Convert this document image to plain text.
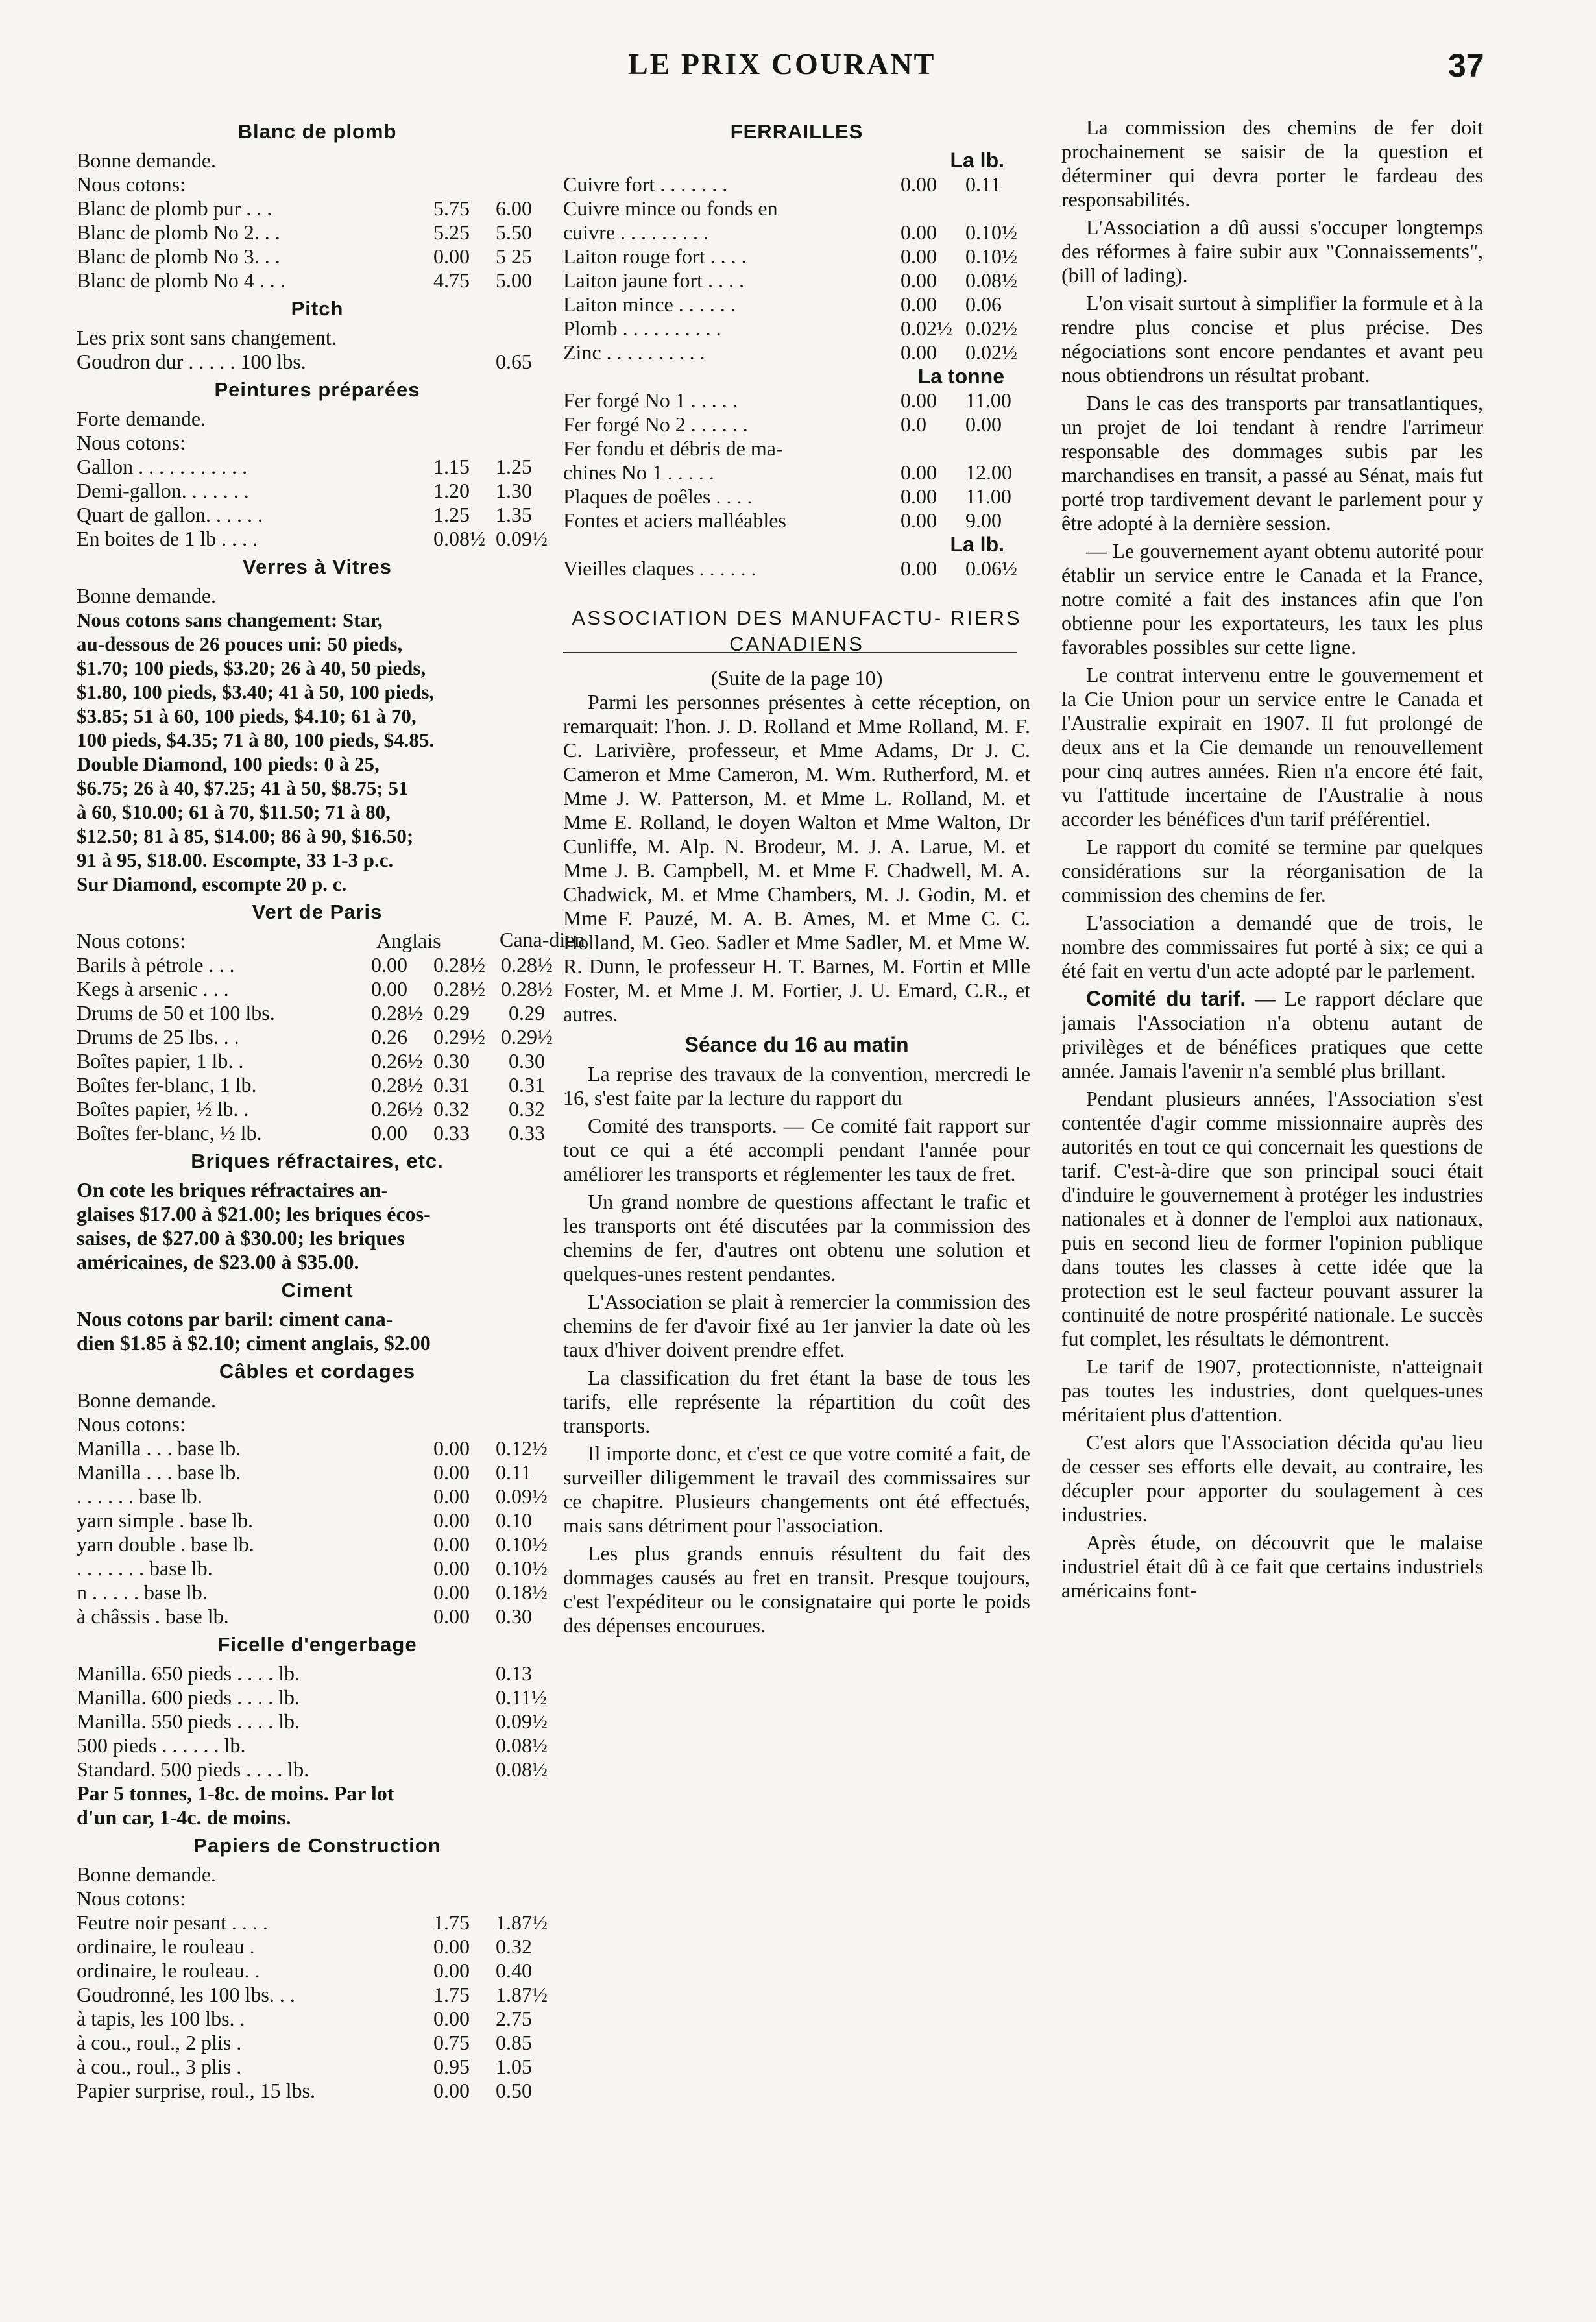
LE PRIX COURANT	37
Blanc de plomb
Bonne demande.
Nous cotons:
Blanc de plomb pur . . .	5.75	6.00
Blanc de plomb No 2. . .	5.25	5.50
Blanc de plomb No 3. . .	0.00	5 25
Blanc de plomb No 4 . . .	4.75	5.00
Pitch
Les prix sont sans changement.
Goudron dur . . . . . 100 lbs.	0.65
Peintures préparées
Forte demande.
Nous cotons:
Gallon . . . . . . . . . . .	1.15	1.25
Demi-gallon. . . . . . .	1.20	1.30
Quart de gallon. . . . . .	1.25	1.35
En boites de 1 lb . . . .	0.08½ 0.09½
Verres à Vitres
Bonne demande.
Nous cotons sans changement: Star,
au-dessous de 26 pouces uni: 50 pieds,
$1.70; 100 pieds, $3.20; 26 à 40, 50 pieds,
$1.80, 100 pieds, $3.40; 41 à 50, 100 pieds,
$3.85; 51 à 60, 100 pieds, $4.10; 61 à 70,
100 pieds, $4.35; 71 à 80, 100 pieds, $4.85.
Double Diamond, 100 pieds: 0 à 25,
$6.75; 26 à 40, $7.25; 41 à 50, $8.75; 51
à 60, $10.00; 61 à 70, $11.50; 71 à 80,
$12.50; 81 à 85, $14.00; 86 à 90, $16.50;
91 à 95, $18.00. Escompte, 33 1-3 p.c.
Sur Diamond, escompte 20 p. c.
Vert de Paris
Nous cotons:	Anglais	Cana-dien
Barils à pétrole . . .	0.00	0.28½ 0.28½
Kegs à arsenic . . .	0.00	0.28½ 0.28½
Drums de 50 et 100 lbs.	0.28½ 0.29	0.29
Drums de 25 lbs. . .	0.26	0.29½ 0.29½
Boîtes papier, 1 lb. .	0.26½ 0.30	0.30
Boîtes fer-blanc, 1 lb.	0.28½ 0.31	0.31
Boîtes papier, ½ lb. .	0.26½ 0.32	0.32
Boîtes fer-blanc, ½ lb.	0.00	0.33	0.33
Briques réfractaires, etc.
On cote les briques réfractaires an-
glaises $17.00 à $21.00; les briques écos-
saises, de $27.00 à $30.00; les briques
américaines, de $23.00 à $35.00.
Ciment
Nous cotons par baril: ciment cana-
dien $1.85 à $2.10; ciment anglais, $2.00
Câbles et cordages
Bonne demande.
Nous cotons:
Manilla . . . base lb.	0.00	0.12½
Manilla . . . base lb.	0.00	0.11
. . . . . . base lb.	0.00	0.09½
yarn simple . base lb.	0.00	0.10
yarn double . base lb.	0.00	0.10½
. . . . . . . base lb.	0.00	0.10½
n . . . . . base lb.	0.00	0.18½
à châssis . base lb.	0.00	0.30
Ficelle d'engerbage
Manilla. 650 pieds . . . . lb.	0.13
Manilla. 600 pieds . . . . lb.	0.11½
Manilla. 550 pieds . . . . lb.	0.09½
500 pieds . . . . . . lb.	0.08½
Standard. 500 pieds . . . . lb.	0.08½
Par 5 tonnes, 1-8c. de moins. Par lot
d'un car, 1-4c. de moins.
Papiers de Construction
Bonne demande.
Nous cotons:
Feutre noir pesant . . . .	1.75	1.87½
ordinaire, le rouleau .	0.00	0.32
ordinaire, le rouleau. .	0.00	0.40
Goudronné, les 100 lbs. . .	1.75	1.87½
à tapis, les 100 lbs. .	0.00	2.75
à cou., roul., 2 plis .	0.75	0.85
à cou., roul., 3 plis .	0.95	1.05
Papier surprise, roul., 15 lbs.	0.00	0.50
FERRAILLES
La lb.
Cuivre fort . . . . . . .	0.00	0.11
Cuivre mince ou fonds en
cuivre . . . . . . . . .	0.00	0.10½
Laiton rouge fort . . . .	0.00	0.10½
Laiton jaune fort . . . .	0.00	0.08½
Laiton mince . . . . . .	0.00	0.06
Plomb . . . . . . . . . .	0.02½ 0.02½
Zinc . . . . . . . . . .	0.00	0.02½
La tonne
Fer forgé No 1 . . . . .	0.00	11.00
Fer forgé No 2 . . . . . .	0.0	0.00
Fer fondu et débris de ma-
chines No 1 . . . . .	0.00	12.00
Plaques de poêles . . . .	0.00	11.00
Fontes et aciers malléables	0.00	9.00
La lb.
Vieilles claques . . . . . .	0.00	0.06½
ASSOCIATION DES MANUFACTU- RIERS CANADIENS
(Suite de la page 10)

Parmi les personnes présentes à cette réception, on remarquait: l'hon. J. D. Rolland et Mme Rolland, M. F. C. Larivière, professeur, et Mme Adams, Dr J. C. Cameron et Mme Cameron, M. Wm. Rutherford, M. et Mme J. W. Patterson, M. et Mme L. Rolland, M. et Mme E. Rolland, le doyen Walton et Mme Walton, Dr Cunliffe, M. Alp. N. Brodeur, M. J. A. Larue, M. et Mme J. B. Campbell, M. et Mme F. Chadwell, M. A. Chadwick, M. et Mme Chambers, M. J. Godin, M. et Mme F. Pauzé, M. A. B. Ames, M. et Mme C. C. Holland, M. Geo. Sadler et Mme Sadler, M. et Mme W. R. Dunn, le professeur H. T. Barnes, M. Fortin et Mlle Foster, M. et Mme J. M. Fortier, J. U. Emard, C.R., et autres.

Séance du 16 au matin

La reprise des travaux de la convention, mercredi le 16, s'est faite par la lecture du rapport du

Comité des transports. — Ce comité fait rapport sur tout ce qui a été accompli pendant l'année pour améliorer les transports et réglementer les taux de fret.

Un grand nombre de questions affectant le trafic et les transports ont été discutées par la commission des chemins de fer, d'autres ont obtenu une solution et quelques-unes restent pendantes.

L'Association se plait à remercier la commission des chemins de fer d'avoir fixé au 1er janvier la date où les taux d'hiver doivent prendre effet.

La classification du fret étant la base de tous les tarifs, elle représente la répartition du coût des transports.

Il importe donc, et c'est ce que votre comité a fait, de surveiller diligemment le travail des commissaires sur ce chapitre. Plusieurs changements ont été effectués, mais sans détriment pour l'association.

Les plus grands ennuis résultent du fait des dommages causés au fret en transit. Presque toujours, c'est l'expéditeur ou le consignataire qui porte le poids des dépenses encourues.

La commission des chemins de fer doit prochainement se saisir de la question et déterminer qui devra porter le fardeau des responsabilités.

L'Association a dû aussi s'occuper longtemps des réformes à faire subir aux "Connaissements", (bill of lading).

L'on visait surtout à simplifier la formule et à la rendre plus concise et plus précise. Des négociations sont encore pendantes et avant peu nous obtiendrons un résultat probant.

Dans le cas des transports par transatlantiques, un projet de loi tendant à rendre l'arrimeur responsable des dommages subis par les marchandises en transit, a passé au Sénat, mais fut porté trop tardivement devant le parlement pour y être adopté à la dernière session.

— Le gouvernement ayant obtenu autorité pour établir un service entre le Canada et la France, notre comité a fait des instances afin que l'on obtienne pour les exportateurs, les taux les plus favorables possibles sur cette ligne.

Le contrat intervenu entre le gouvernement et la Cie Union pour un service entre le Canada et l'Australie expirait en 1907. Il fut prolongé de deux ans et la Cie demande un renouvellement pour cinq autres années. Rien n'a encore été fait, vu l'attitude incertaine de l'Australie à nous accorder les bénéfices d'un tarif préférentiel.

Le rapport du comité se termine par quelques considérations sur la réorganisation de la commission des chemins de fer.

L'association a demandé que de trois, le nombre des commissaires fut porté à six; ce qui a été fait en vertu d'un acte adopté par le parlement.

Comité du tarif. — Le rapport déclare que jamais l'Association n'a obtenu autant de privilèges et de bénéfices pratiques que cette année. Jamais l'avenir n'a semblé plus brillant.

Pendant plusieurs années, l'Association s'est contentée d'agir comme missionnaire auprès des autorités en tout ce qui concernait les questions de tarif. C'est-à-dire que son principal souci était d'induire le gouvernement à protéger les industries nationales et à donner de l'emploi aux nationaux, puis en second lieu de former l'opinion publique dans toutes les classes à cette idée que la protection est le seul facteur pouvant assurer la continuité de notre prospérité nationale. Le succès fut complet, les résultats le démontrent.

Le tarif de 1907, protectionniste, n'atteignait pas toutes les industries, dont quelques-unes méritaient plus d'attention.

C'est alors que l'Association décida qu'au lieu de cesser ses efforts elle devait, au contraire, les décupler pour apporter du soulagement à ces industries.

Après étude, on découvrit que le malaise industriel était dû à ce fait que certains industriels américains font-
